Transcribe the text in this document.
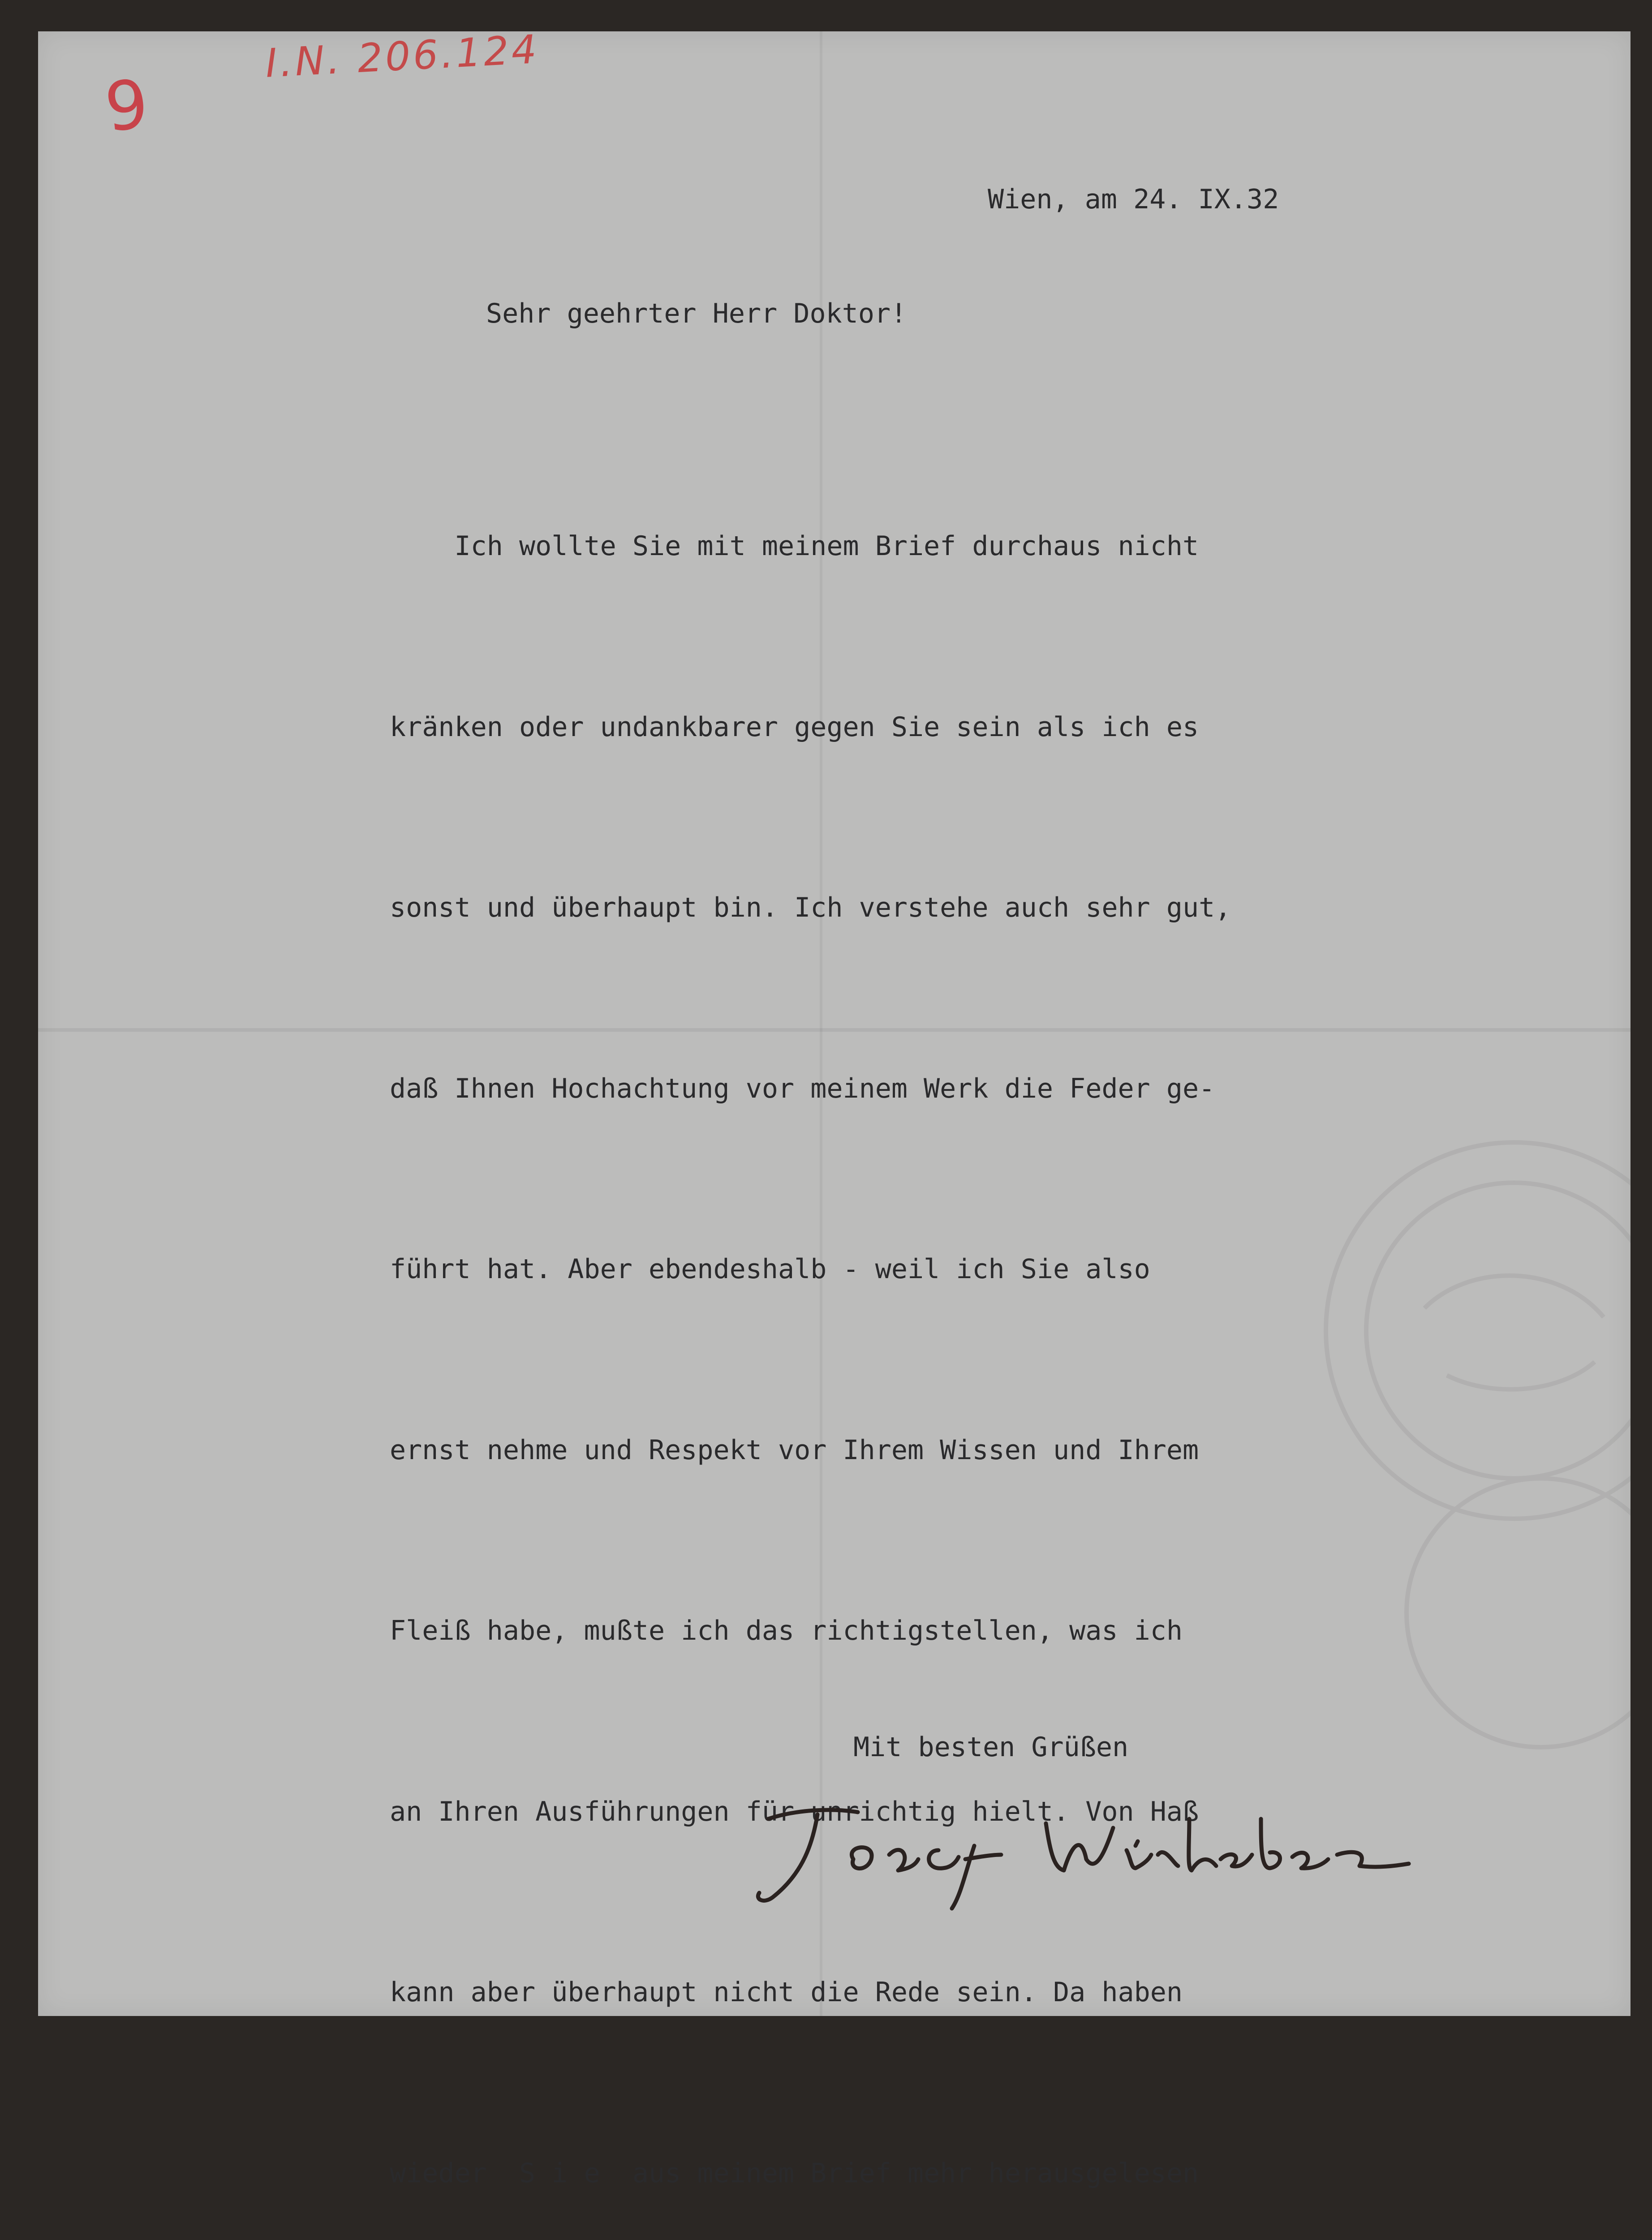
I.N. 206.124
9
Wien, am 24. IX.32
Sehr geehrter Herr Doktor!

Ich wollte Sie mit meinem Brief durchaus nicht

kränken oder undankbarer gegen Sie sein als ich es

sonst und überhaupt bin. Ich verstehe auch sehr gut,

daß Ihnen Hochachtung vor meinem Werk die Feder ge-

führt hat. Aber ebendeshalb - weil ich Sie also

ernst nehme und Respekt vor Ihrem Wissen und Ihrem

Fleiß habe, mußte ich das richtigstellen, was ich

an Ihren Ausführungen für unrichtig hielt. Von Haß

kann aber überhaupt nicht die Rede sein. Da haben

wieder  S i e  aus meinem Brief mehr herausgelesen

Mit besten Grüßen
